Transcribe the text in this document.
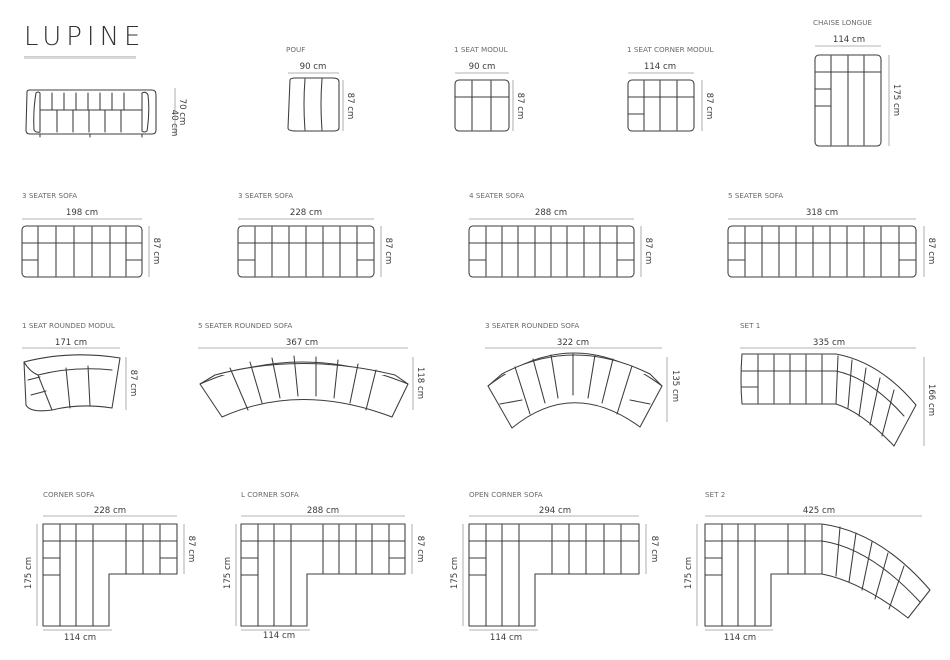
LUPINE
70 cm
40 cm
POUF
90 cm
87 cm
1 SEAT MODUL
90 cm
87 cm
1 SEAT CORNER MODUL
114 cm
87 cm
CHAISE LONGUE
114 cm
175 cm
3 SEATER SOFA
198 cm
87 cm
3 SEATER SOFA
228 cm
87 cm
4 SEATER SOFA
288 cm
87 cm
5 SEATER SOFA
318 cm
87 cm
1 SEAT ROUNDED MODUL
171 cm
87 cm
5 SEATER ROUNDED SOFA
367 cm
118 cm
3 SEATER ROUNDED SOFA
322 cm
135 cm
SET 1
335 cm
166 cm
CORNER SOFA
228 cm
87 cm
175 cm
114 cm
L CORNER SOFA
288 cm
87 cm
175 cm
114 cm
OPEN CORNER SOFA
294 cm
87 cm
175 cm
114 cm
SET 2
425 cm
175 cm
114 cm
